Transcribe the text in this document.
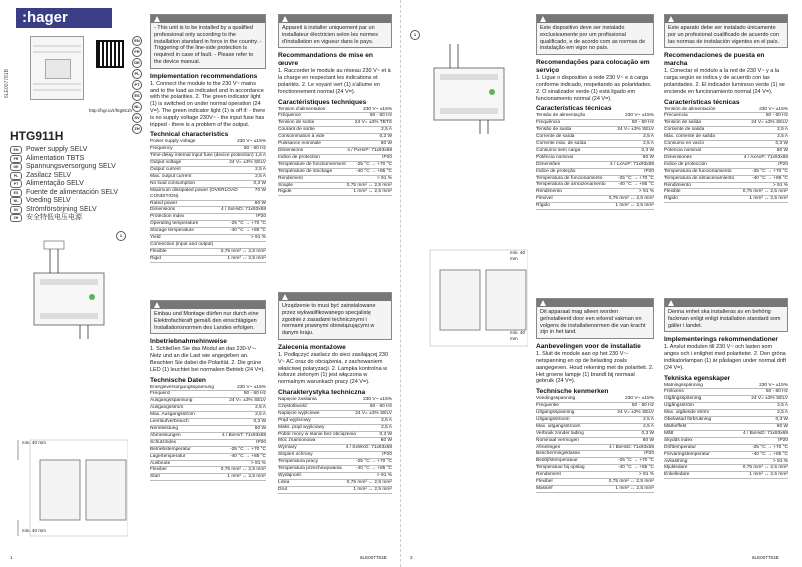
:hager
6LE007781B
http://hgr.io/r/htg911h
HTG911H
EN	Power supply SELV
FR	Alimentation TBTS
DE	Spannungsversorgung SELV
PL	Zasilacz SELV
PT	Alimentação SELV
ES	Fuente de alimentación SELV
NL	Voeding SELV
SV	Strömförsörjning SELV
ZH	安全特低电压电源
1
min. 40 mm
min. 40 mm
1	6LE007781B	2	6LE007781B
EN
FR
DE
PL
PT
ES
NL
SV
ZH
- This unit is to be installed by a qualified professional only according to the installation standard in force in the country. - Triggering of the line-side protection is required in case of fault. - Please refer to the device manual.
Implementation recommendations
1. Connect the module to the 230 V~ mains and to the load as indicated and in accordance with the polarities. 2. The green indicator light (1) is switched on under normal operation (24 V=). The green indicator light (1) is off if: - there is no supply voltage 230V~ - the input fuse has tripped - there is a problem of the output.
Technical characteristics
Power supply voltage	230 V~ ±15%
Frequency	50 - 60 Hz
Time-delay internal input fuse (device protection) 1,6 A
Output voltage	24 V= ±3% SELV
Output current	2,5 A
Max. output current	2,5 A
No load consumption	0,3 W
Maximum dissipated power (OVERLOAD CONDITION)
70 W
Rated power	60 W
Dimensions	4 / SxHxD: 71x93x68
Protection index	IP20
Operating temperature	-25 °C → +70 °C
Storage temperature	-40 °C → +85 °C
Yield	> 91 %
Connection (input and output)
Flexible	0,75 mm² ↔ 2,5 mm²
Rigid	1 mm² ↔ 2,5 mm²
Einbau und Montage dürfen nur durch eine Elektrofachkraft gemäß den einschlägigen Installationsnormen des Landes erfolgen.
Inbetriebnahmehinweise
1. Schließen Sie das Modul an das 230-V~-Netz und an die Last wie angegeben an. Beachten Sie dabei die Polarität. 2. Die grüne LED (1) leuchtet bei normalem Betrieb (24 V=).
Technische Daten
Energieversorgungsspannung	230 V~ ±15%
Frequenz	50 - 60 Hz
Ausgangsspannung	24 V= ±3% SELV
Ausgangsstrom	2,5 A
Max. Ausgangsstrom	2,5 A
Leerlaufverbrauch	0,3 W
Nennleistung	60 W
Abmessungen	4 / BxHxT: 71x93x68
Schutzindex	IP20
Betriebstemperatur	-25 °C → +70 °C
Lagertemperatur	-40 °C → +85 °C
Ausbeute	> 91 %
Flexibel	0,75 mm² ↔ 2,5 mm²
Starr	1 mm² ↔ 2,5 mm²
Appareil à installer uniquement par un installateur électricien selon les normes d'installation en vigueur dans le pays.
Recommandations de mise en œuvre
1. Raccorder le module au réseau 230 V~ et à la charge en respectant les indications et polarités. 2. Le voyant vert (1) s'allume en fonctionnement normal (24 V=).
Caractéristiques techniques
Tension d'alimentation	230 V~ ±15%
Fréquence	50 - 60 Hz
Tension de sortie	24 V= ±3% TBTS
Courant de sortie	2,5 A
Consommation à vide	0,3 W
Puissance nominale	60 W
Dimensions	4 / PxHxP: 71x93x68
Indice de protection	IP20
Température de fonctionnement -25 °C → +70 °C
Température de stockage	-40 °C → +85 °C
Rendement	> 91 %
Souple	0,75 mm² ↔ 2,5 mm²
Rigide	1 mm² ↔ 2,5 mm²
Urządzenie to musi być zainstalowane przez wykwalifikowanego specjalistę zgodnie z zasadami technicznymi i normami prawnymi obowiązującymi w danym kraju.
Zalecenia montażowe
1. Podłączyć zasilacz do sieci zasilającej 230 V~ AC oraz do obciążenia, z zachowaniem właściwej polaryzacji. 2. Lampka kontrolna w kolorze zielonym (1) jest włączona w normalnym warunkach pracy (24 V=).
Charakterystyka techniczna
Napięcie zasilania	230 V~ ±15%
Częstotliwość	50 - 60 Hz
Napięcie wyjściowe	24 V= ±3% SELV
Prąd wyjściowy	2,5 A
Maks. prąd wyjściowy	2,5 A
Pobór mocy w stanie bez obciążenia	0,3 W
Moc znamionowa	60 W
Wymiary	4 / SxWxG: 71x93x68
Stopień ochrony	IP20
Temperatura pracy	-25 °C → +70 °C
Temperatura przechowywania	-40 °C → +85 °C
Wydajność	> 91 %
Linka	0,75 mm² ↔ 2,5 mm²
Drut	1 mm² ↔ 2,5 mm²
Este dispositivo deve ser instalado exclusivamente por um profissional qualificado, e de acordo com as normas de instalação em vigor no país.
Recomendações para colocação em serviço
1. Ligue o dispositivo à rede 230 V~ e à carga conforme indicado, respeitando as polaridades. 2. O sinalizador verde (1) está ligado em funcionamento normal (24 V=).
Características técnicas
Tensão de alimentação	230 V~ ±15%
Frequência	50 - 60 Hz
Tensão de saída	24 V= ±3% SELV
Corrente de saída	2,5 A
Corrente máx. de saída	2,5 A
Consumo sem carga	0,3 W
Potência nominal	60 W
Dimensões	4 / LxAxP: 71x93x68
Índice de proteção	IP20
Temperatura de funcionamento	-25 °C → +70 °C
Temperatura de armazenamento	-40 °C → +85 °C
Rendimento	> 91 %
Flexível	0,75 mm² ↔ 2,5 mm²
Rígido	1 mm² ↔ 2,5 mm²
Este aparato debe ser instalado únicamente por un profesional cualificado de acuerdo con las normas de instalación vigentes en el país.
Recomendaciones de puesta en marcha
1. Conectar el módulo a la red de 230 V~ y a la carga según se indica y de acuerdo con las polaridades. 2. El indicador luminoso verde (1) se enciende en funcionamiento normal (24 V=).
Características técnicas
Tensión de alimentación	230 V~ ±15%
Frecuencia	50 - 60 Hz
Tensión de salida	24 V= ±3% SELV
Corriente de salida	2,5 A
Máx. corriente de salida	2,5 A
Consumo en vacío	0,3 W
Potencia nominal	60 W
Dimensiones	4 / AxAxP: 71x93x68
Índice de protección	IP20
Temperatura de funcionamiento	-25 °C → +70 °C
Temperatura de almacenamiento	-40 °C → +85 °C
Rendimiento	> 91 %
Flexible	0,75 mm² ↔ 2,5 mm²
Rígido	1 mm² ↔ 2,5 mm²
Dit apparaat mag alleen worden geïnstalleerd door een erkend vakman en volgens de installatienormen die van kracht zijn in het land.
Aanbevelingen voor de installatie
1. Sluit de module aan op het 230 V~-netspanning en op de belasting zoals aangegeven. Houd rekening met de polariteit. 2. Het groene lampje (1) brandt bij normaal gebruik (24 V=).
Technische kenmerken
Voedingsspanning	230 V~ ±15%
Frequentie	50 - 60 Hz
Uitgangsspanning	24 V= ±3% SELV
Uitgangsstroom	2,5 A
Max. uitgangsstroom	2,5 A
Verbruik zonder lading	0,3 W
Nominaal vermogen	60 W
Afmetingen	4 / BxHxD: 71x93x68
Beschermingsklasse	IP20
Bedrijfstemperatuur	-25 °C → +70 °C
Temperatuur bij opslag	-40 °C → +85 °C
Rendement	> 91 %
Flexibel	0,75 mm² ↔ 2,5 mm²
Massief	1 mm² ↔ 2,5 mm²
Denna enhet ska installeras av en behörig fackman enligt enligt installation standard som gäller i landet.
Implementerings rekommendationer
1. Anslut modulen till 230 V~ och lasten som anges och i enlighet med polariteter. 2. Den gröna indikatorlampan (1) är påslagen under normal drift (24 V=).
Tekniska egenskaper
Matningsspänning	230 V~ ±15%
Frekvens	50 - 60 Hz
Utgångsspänning	24 V= ±3% SELV
Utgångsström	2,5 A
Max. utgående ström	2,5 A
Obelastad förbrukning	0,3 W
Märkeffekt	60 W
Mått	4 / BxHxD: 71x93x68
Skydds index	IP20
Drifttemperatur	-25 °C → +70 °C
Förvaringstemperatur	-40 °C → +85 °C
Avkastning	> 91 %
Mjukledare	0,75 mm² ↔ 2,5 mm²
Enkelledare	1 mm² ↔ 2,5 mm²
1
min. 40 mm
min. 40 mm
